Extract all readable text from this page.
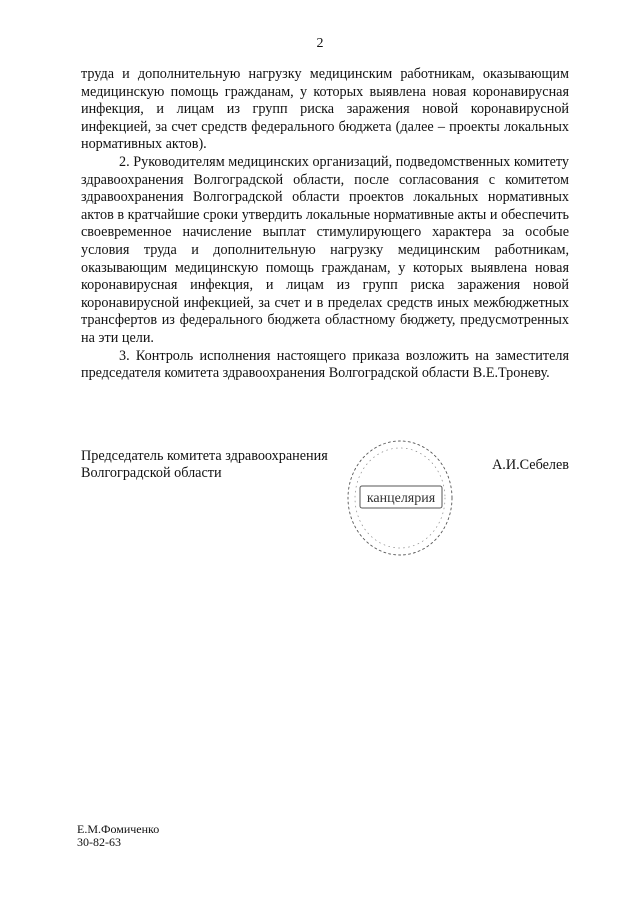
2

труда и дополнительную нагрузку медицинским работникам, оказывающим медицинскую помощь гражданам, у которых выявлена новая коронавирусная инфекция, и лицам из групп риска заражения новой коронавирусной инфекцией, за счет средств федерального бюджета (далее – проекты локальных нормативных актов).

2. Руководителям медицинских организаций, подведомственных комитету здравоохранения Волгоградской области, после согласования с комитетом здравоохранения Волгоградской области проектов локальных нормативных актов в кратчайшие сроки утвердить локальные нормативные акты и обеспечить своевременное начисление выплат стимулирующего характера за особые условия труда и дополнительную нагрузку медицинским работникам, оказывающим медицинскую помощь гражданам, у которых выявлена новая коронавирусная инфекция, и лицам из групп риска заражения новой коронавирусной инфекцией, за счет и в пределах средств иных межбюджетных трансфертов из федерального бюджета областному бюджету, предусмотренных на эти цели.

3. Контроль исполнения настоящего приказа возложить на заместителя председателя комитета здравоохранения Волгоградской области В.Е.Троневу.

Председатель комитета здравоохранения
Волгоградской области
канцелярия
А.И.Себелев
Е.М.Фомиченко
30-82-63
